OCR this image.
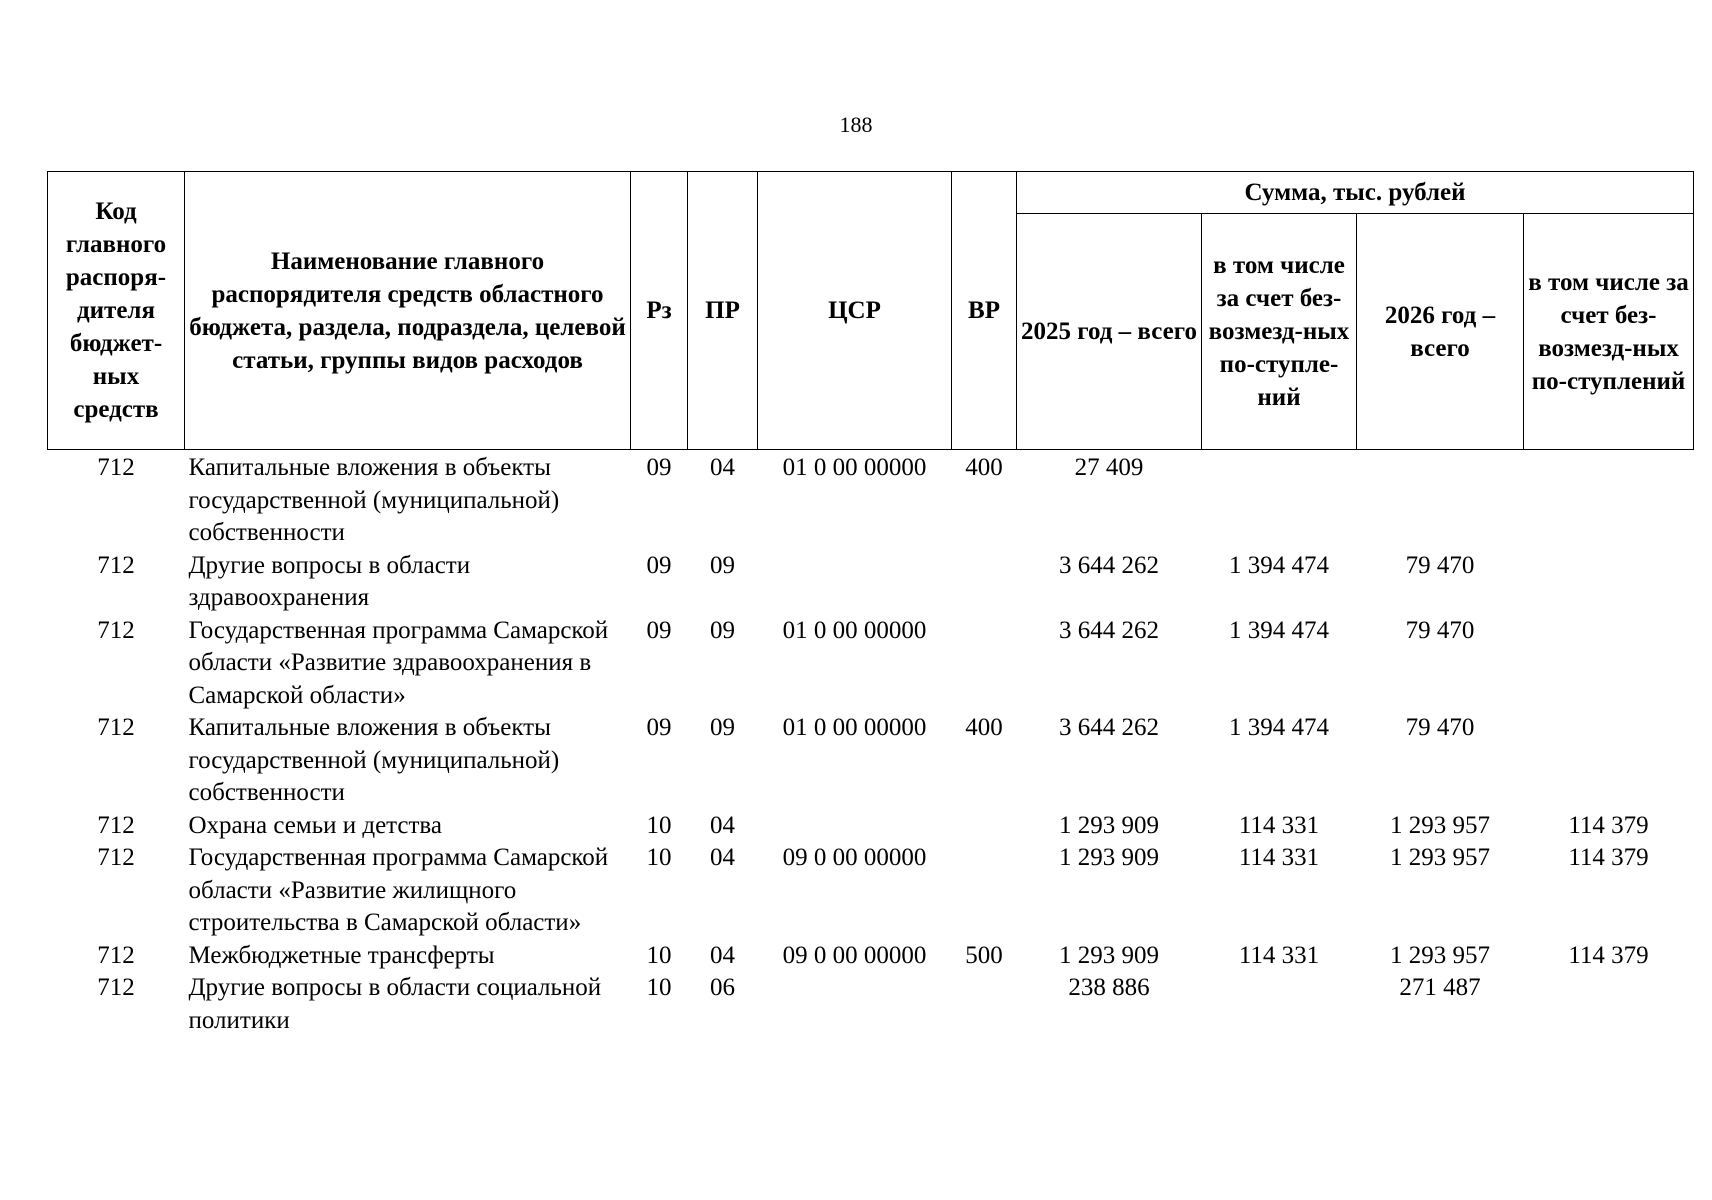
188
Код главного распоря-дителя бюджет-ных средств	Наименование главного распорядителя средств областного бюджета, раздела, подраздела, целевой статьи, группы видов расходов	Рз	ПР	ЦСР	ВР	Сумма, тыс. рублей			
						2025 год – всего	в том числе за счет без-возмезд-ных по-ступле-ний	2026 год – всего	в том числе за счет без-возмезд-ных по-ступлений
712	Капитальные вложения в объекты государственной (муниципальной) собственности	09	04	01 0 00 00000	400	27 409			
712	Другие вопросы в области здравоохранения	09	09			3 644 262	1 394 474	79 470	
712	Государственная программа Самарской области «Развитие здравоохранения в Самарской области»	09	09	01 0 00 00000		3 644 262	1 394 474	79 470	
712	Капитальные вложения в объекты государственной (муниципальной) собственности	09	09	01 0 00 00000	400	3 644 262	1 394 474	79 470	
712	Охрана семьи и детства	10	04			1 293 909	114 331	1 293 957	114 379
712	Государственная программа Самарской области «Развитие жилищного строительства в Самарской области»	10	04	09 0 00 00000		1 293 909	114 331	1 293 957	114 379
712	Межбюджетные трансферты	10	04	09 0 00 00000	500	1 293 909	114 331	1 293 957	114 379
712	Другие вопросы в области социальной политики	10	06			238 886		271 487	
